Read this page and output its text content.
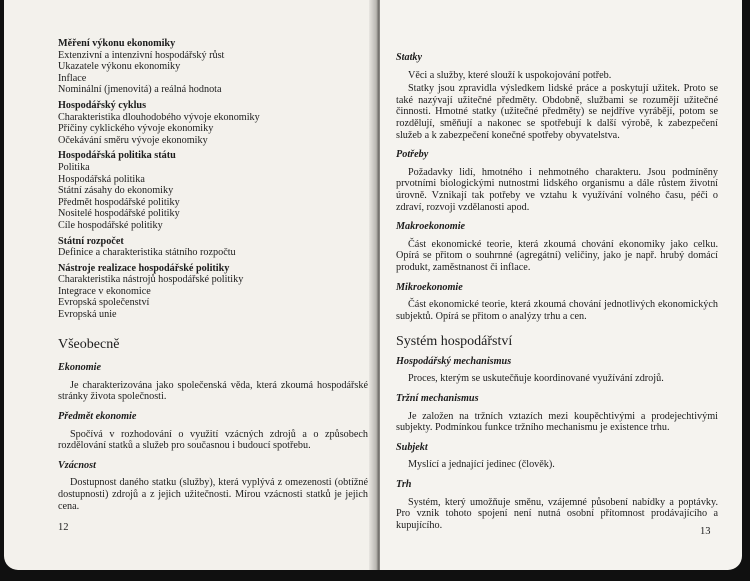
Měření výkonu ekonomiky
Extenzivní a intenzivní hospodářský růst
Ukazatele výkonu ekonomiky
Inflace
Nominální (jmenovitá) a reálná hodnota
Hospodářský cyklus
Charakteristika dlouhodobého vývoje ekonomiky
Příčiny cyklického vývoje ekonomiky
Očekávání směru vývoje ekonomiky
Hospodářská politika státu
Politika
Hospodářská politika
Státní zásahy do ekonomiky
Předmět hospodářské politiky
Nositelé hospodářské politiky
Cíle hospodářské politiky
Státní rozpočet
Definice a charakteristika státního rozpočtu
Nástroje realizace hospodářské politiky
Charakteristika nástrojů hospodářské politiky
Integrace v ekonomice
Evropská společenství
Evropská unie
Všeobecně
Ekonomie
Je charakterizována jako společenská věda, která zkoumá hospodářské stránky života společnosti.
Předmět ekonomie
Spočívá v rozhodování o využití vzácných zdrojů a o způsobech rozdělování statků a služeb pro současnou i budoucí spotřebu.
Vzácnost
Dostupnost daného statku (služby), která vyplývá z omezenosti (obtížné dostupnosti) zdrojů a z jejich užitečnosti. Mírou vzácnosti statků je jejich cena.
12
Statky
Věci a služby, které slouží k uspokojování potřeb.
Statky jsou zpravidla výsledkem lidské práce a poskytují užitek. Proto se také nazývají užitečné předměty. Obdobně, službami se rozumějí užitečné činnosti. Hmotné statky (užitečné předměty) se nejdříve vyrábějí, potom se rozdělují, směňují a nakonec se spotřebují k další výrobě, k zabezpečení služeb a k zabezpečení konečné spotřeby obyvatelstva.
Potřeby
Požadavky lidí, hmotného i nehmotného charakteru. Jsou podmíněny prvotními biologickými nutnostmi lidského organismu a dále růstem životní úrovně. Vznikají tak potřeby ve vztahu k využívání volného času, péči o zdraví, rozvoji vzdělanosti apod.
Makroekonomie
Část ekonomické teorie, která zkoumá chování ekonomiky jako celku. Opírá se přitom o souhrnné (agregátní) veličiny, jako je např. hrubý domácí produkt, zaměstnanost či inflace.
Mikroekonomie
Část ekonomické teorie, která zkoumá chování jednotlivých ekonomických subjektů. Opírá se přitom o analýzy trhu a cen.
Systém hospodářství
Hospodářský mechanismus
Proces, kterým se uskutečňuje koordinované využívání zdrojů.
Tržní mechanismus
Je založen na tržních vztazích mezi koupěchtivými a prodejechtivými subjekty. Podmínkou funkce tržního mechanismu je existence trhu.
Subjekt
Myslící a jednající jedinec (člověk).
Trh
Systém, který umožňuje směnu, vzájemné působení nabídky a poptávky. Pro vznik tohoto spojení není nutná osobní přítomnost prodávajícího a kupujícího.
13
